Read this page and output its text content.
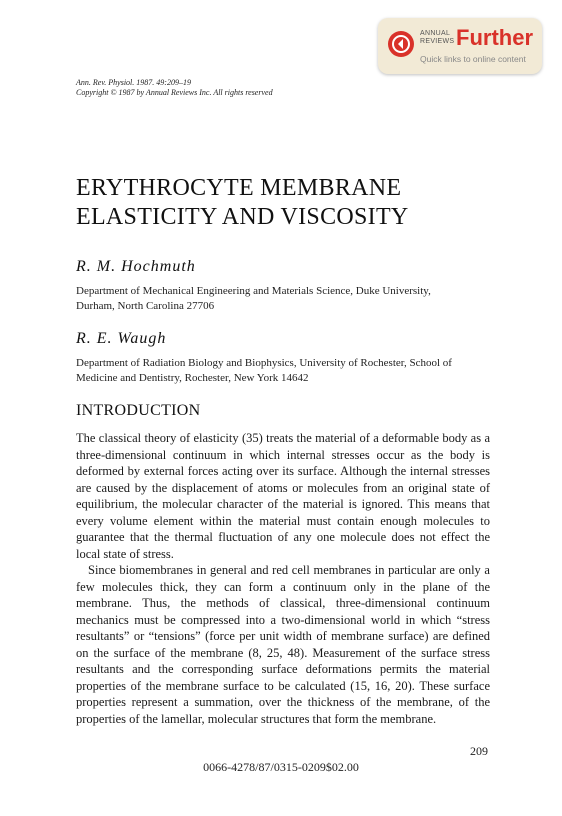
ANNUAL
REVIEWS Further
Quick links to online content
Ann. Rev. Physiol. 1987. 49:209–19
Copyright © 1987 by Annual Reviews Inc. All rights reserved
ERYTHROCYTE MEMBRANE
ELASTICITY AND VISCOSITY
R. M. Hochmuth
Department of Mechanical Engineering and Materials Science, Duke University,
Durham, North Carolina 27706
R. E. Waugh
Department of Radiation Biology and Biophysics, University of Rochester, School of
Medicine and Dentistry, Rochester, New York 14642
INTRODUCTION

The classical theory of elasticity (35) treats the material of a deformable body as a three-dimensional continuum in which internal stresses occur as the body is deformed by external forces acting over its surface. Although the internal stresses are caused by the displacement of atoms or molecules from an original state of equilibrium, the molecular character of the material is ignored. This means that every volume element within the material must contain enough molecules to guarantee that the thermal fluctuation of any one molecule does not effect the local state of stress.

Since biomembranes in general and red cell membranes in particular are only a few molecules thick, they can form a continuum only in the plane of the membrane. Thus, the methods of classical, three-dimensional continuum mechanics must be compressed into a two-dimensional world in which “stress resultants” or “tensions” (force per unit width of membrane surface) are defined on the surface of the membrane (8, 25, 48). Measurement of the surface stress resultants and the corresponding surface deformations permits the material properties of the membrane surface to be calculated (15, 16, 20). These surface properties represent a summation, over the thickness of the membrane, of the properties of the lamellar, molecular structures that form the membrane.

209
0066-4278/87/0315-0209$02.00
